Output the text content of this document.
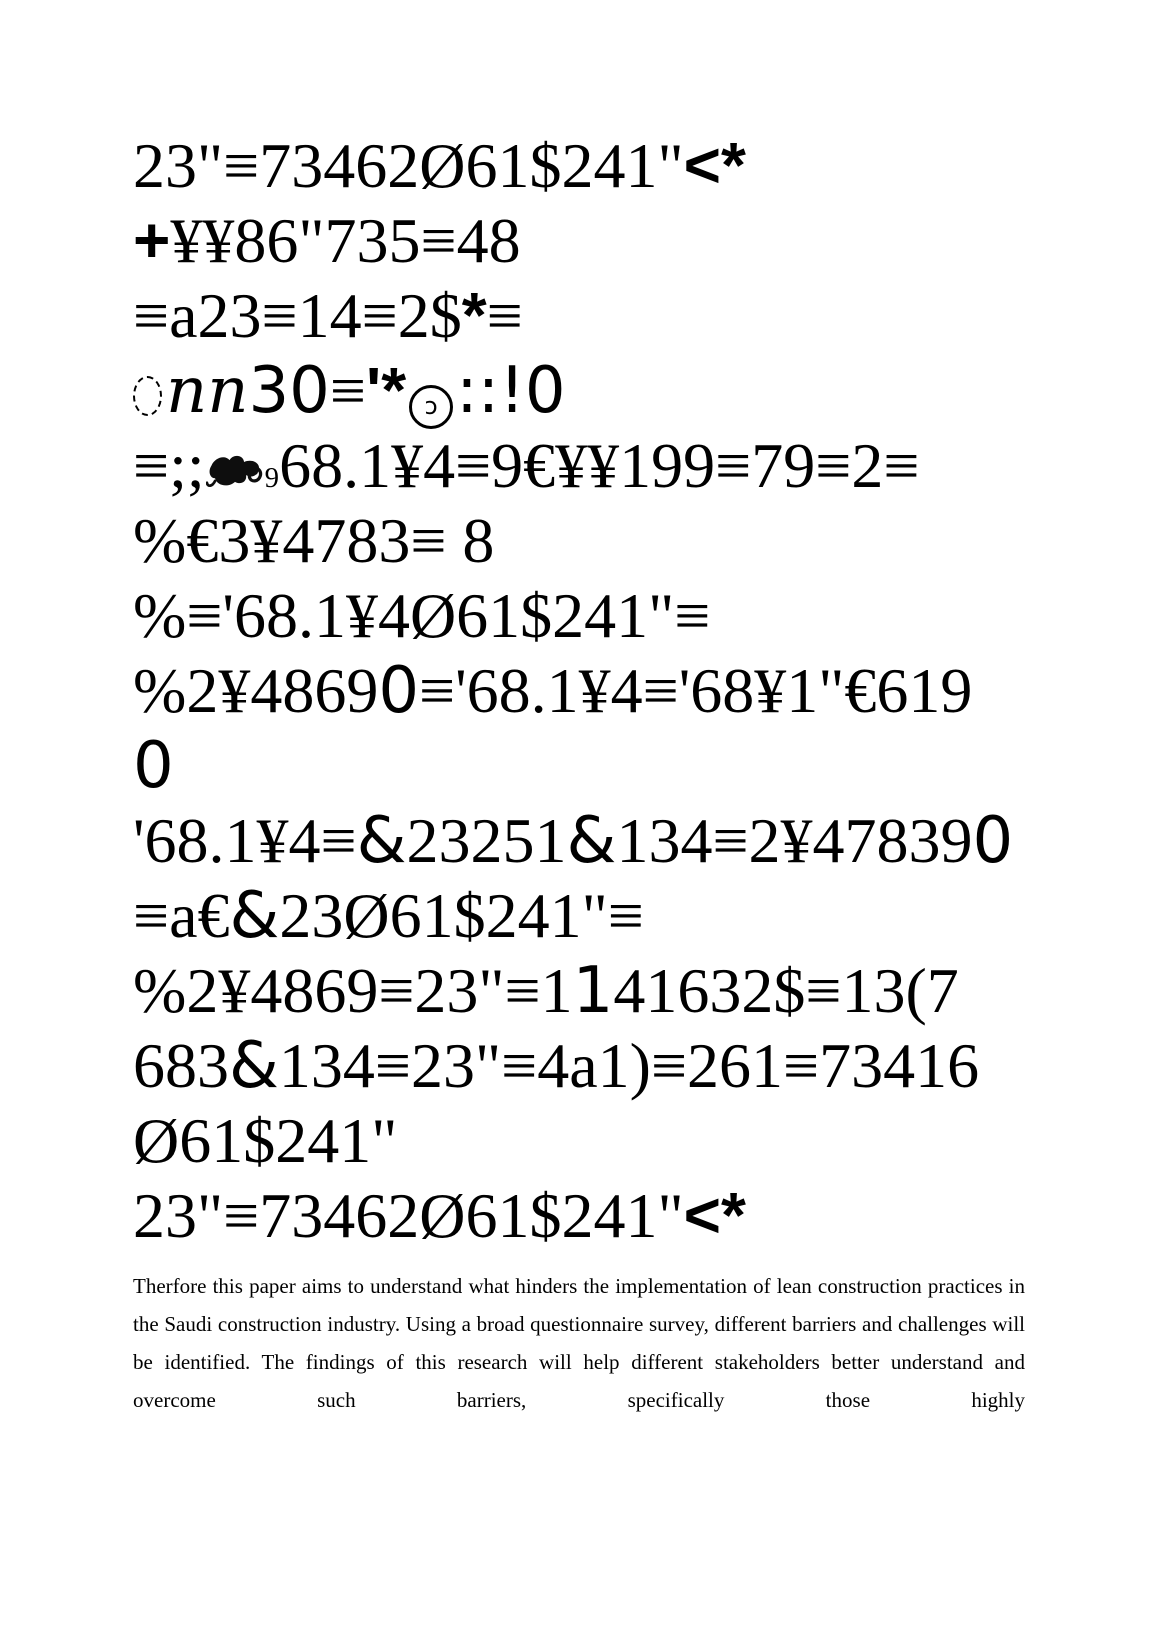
23"≡73462Ø61$241"<*
+¥¥86"735≡48
≡a23≡14≡2$*≡
nn30≡'* ɔ ::!0
≡;; 968.1¥4≡9€¥¥199≡79≡2≡
%€3¥4783≡ 8
%≡'68.1¥4Ø61$241"≡
%2¥48690≡'68.1¥4≡'68¥1"€619
0
'68.1¥4≡&23251&134≡2¥478390
≡a€&23Ø61$241"≡
%2¥4869≡23"≡1141632$≡13(7
683&134≡23"≡4a1)≡261≡73416
Ø61$241"
23"≡73462Ø61$241"<*
Therfore this paper aims to understand what hinders the implementation of lean construction practices in the Saudi construction industry. Using a broad questionnaire survey, different barriers and challenges will be identified. The findings of this research will help different stakeholders better understand and overcome such barriers, specifically those highly
